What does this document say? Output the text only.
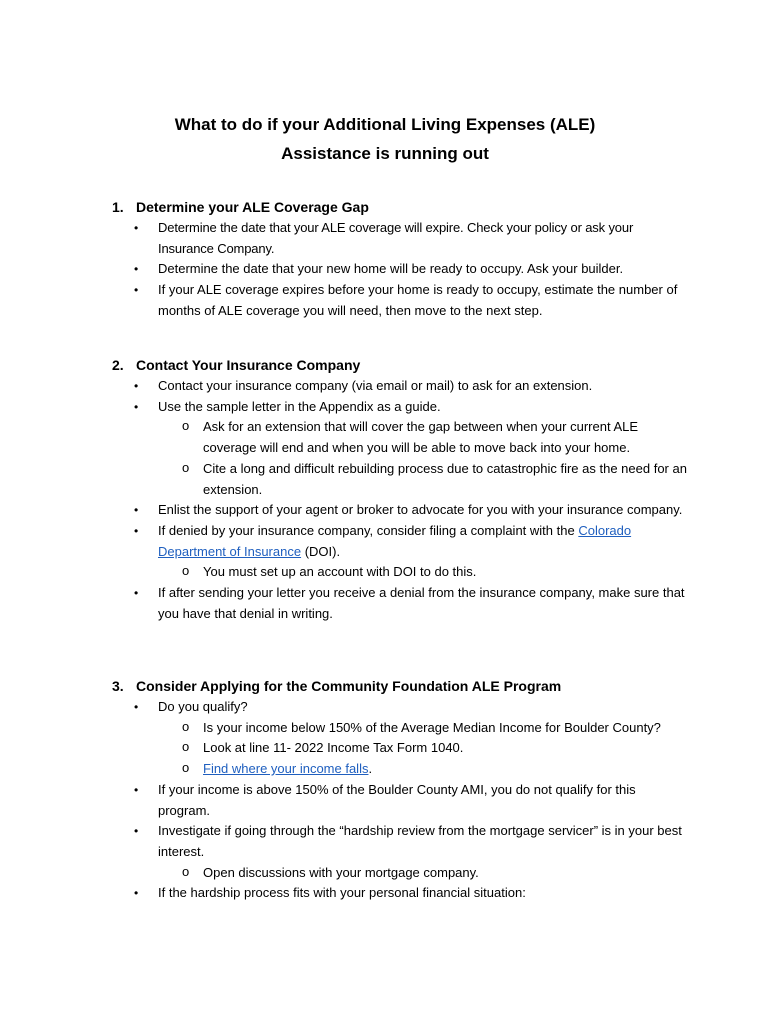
What to do if your Additional Living Expenses (ALE)
Assistance is running out
1. Determine your ALE Coverage Gap
• Determine the date that your ALE coverage will expire. Check your policy or ask your Insurance Company.
• Determine the date that your new home will be ready to occupy. Ask your builder.
• If your ALE coverage expires before your home is ready to occupy, estimate the number of months of ALE coverage you will need, then move to the next step.
2. Contact Your Insurance Company
• Contact your insurance company (via email or mail) to ask for an extension.
• Use the sample letter in the Appendix as a guide.
o Ask for an extension that will cover the gap between when your current ALE coverage will end and when you will be able to move back into your home.
o Cite a long and difficult rebuilding process due to catastrophic fire as the need for an extension.
• Enlist the support of your agent or broker to advocate for you with your insurance company.
• If denied by your insurance company, consider filing a complaint with the Colorado Department of Insurance (DOI).
o You must set up an account with DOI to do this.
• If after sending your letter you receive a denial from the insurance company, make sure that you have that denial in writing.
3. Consider Applying for the Community Foundation ALE Program
• Do you qualify?
o Is your income below 150% of the Average Median Income for Boulder County?
o Look at line 11- 2022 Income Tax Form 1040.
o Find where your income falls.
• If your income is above 150% of the Boulder County AMI, you do not qualify for this program.
• Investigate if going through the “hardship review from the mortgage servicer” is in your best interest.
o Open discussions with your mortgage company.
• If the hardship process fits with your personal financial situation:
